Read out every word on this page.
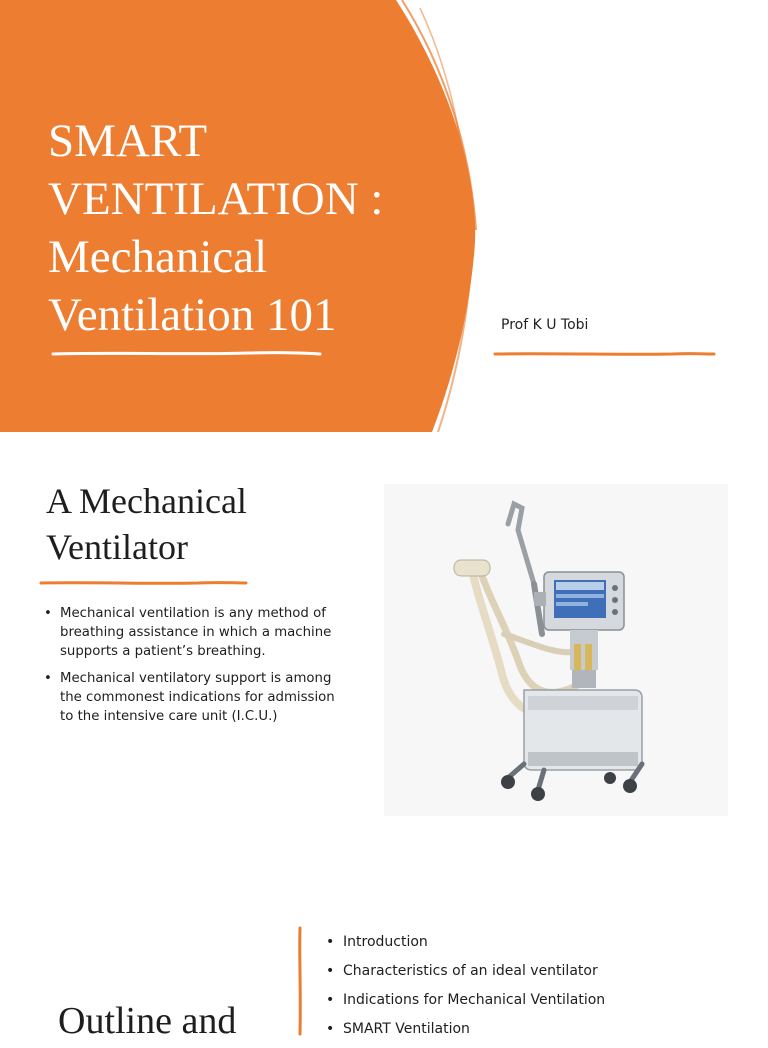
SMART VENTILATION : Mechanical Ventilation 101	Prof K U Tobi
A Mechanical Ventilator
• Mechanical ventilation is any method of breathing assistance in which a machine supports a patient’s breathing.
• Mechanical ventilatory support is among the commonest indications for admission to the intensive care unit (I.C.U.)
• Introduction
• Characteristics of an ideal ventilator
• Indications for Mechanical Ventilation
• SMART Ventilation
Outline and
